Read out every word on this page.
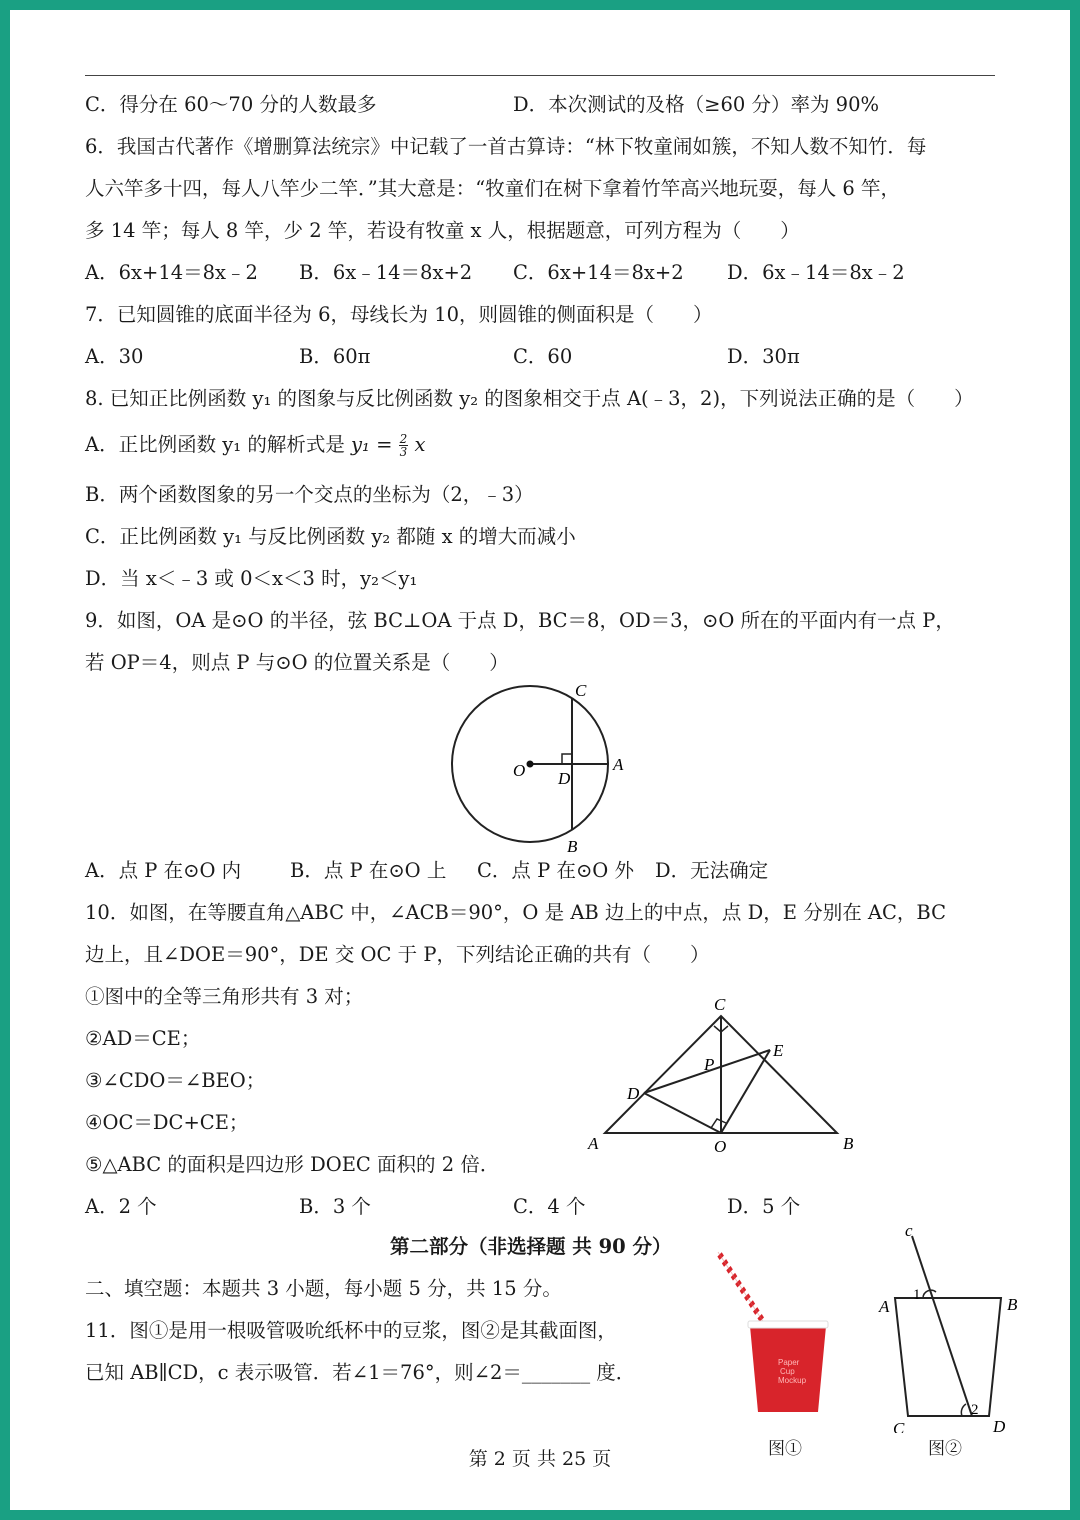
C．得分在 60～70 分的人数最多	D．本次测试的及格（≥60 分）率为 90%
6．我国古代著作《增删算法统宗》中记载了一首古算诗：“林下牧童闹如簇，不知人数不知竹．每
人六竿多十四，每人八竿少二竿．”其大意是：“牧童们在树下拿着竹竿高兴地玩耍，每人 6 竿，
多 14 竿；每人 8 竿，少 2 竿，若设有牧童 x 人，根据题意，可列方程为（　　）
A．6x+14＝8x﹣2 B．6x﹣14＝8x+2 C．6x+14＝8x+2 D．6x﹣14＝8x﹣2
7．已知圆锥的底面半径为 6，母线长为 10，则圆锥的侧面积是（　　）
A．30	B．60π	C．60	D．30π
8. 已知正比例函数 y₁ 的图象与反比例函数 y₂ 的图象相交于点 A(﹣3，2)，下列说法正确的是（　　）
A．正比例函数 y₁ 的解析式是 $y_1 = \frac{2}{3}$ x
B．两个函数图象的另一个交点的坐标为（2，﹣3）
C．正比例函数 y₁ 与反比例函数 y₂ 都随 x 的增大而减小
D．当 x＜﹣3 或 0＜x＜3 时，y₂＜y₁
9．如图，OA 是⊙O 的半径，弦 BC⊥OA 于点 D，BC＝8，OD＝3，⊙O 所在的平面内有一点 P，
若 OP＝4，则点 P 与⊙O 的位置关系是（　　）
C
O D
A
B
A．点 P 在⊙O 内	B．点 P 在⊙O 上 C．点 P 在⊙O 外 D．无法确定
10．如图，在等腰直角△ABC 中，∠ACB＝90°，O 是 AB 边上的中点，点 D，E 分别在 AC，BC
边上，且∠DOE＝90°，DE 交 OC 于 P，下列结论正确的共有（　　）
①图中的全等三角形共有 3 对；
②AD＝CE；
③∠CDO＝∠BEO；
④OC＝DC+CE；
⑤△ABC 的面积是四边形 DOEC 面积的 2 倍．
C
P
E
D
A	O	B
A．2 个	B．3 个	C．4 个	D．5 个
第二部分（非选择题 共 90 分）
二、填空题：本题共 3 小题，每小题 5 分，共 15 分。
11．图①是用一根吸管吸吮纸杯中的豆浆，图②是其截面图，
已知 AB∥CD，c 表示吸管．若∠1＝76°，则∠2＝_______ 度．	Paper
Cup
Mockup
图①
c
A	B
C	D
1
2
图②
第 2 页 共 25 页
